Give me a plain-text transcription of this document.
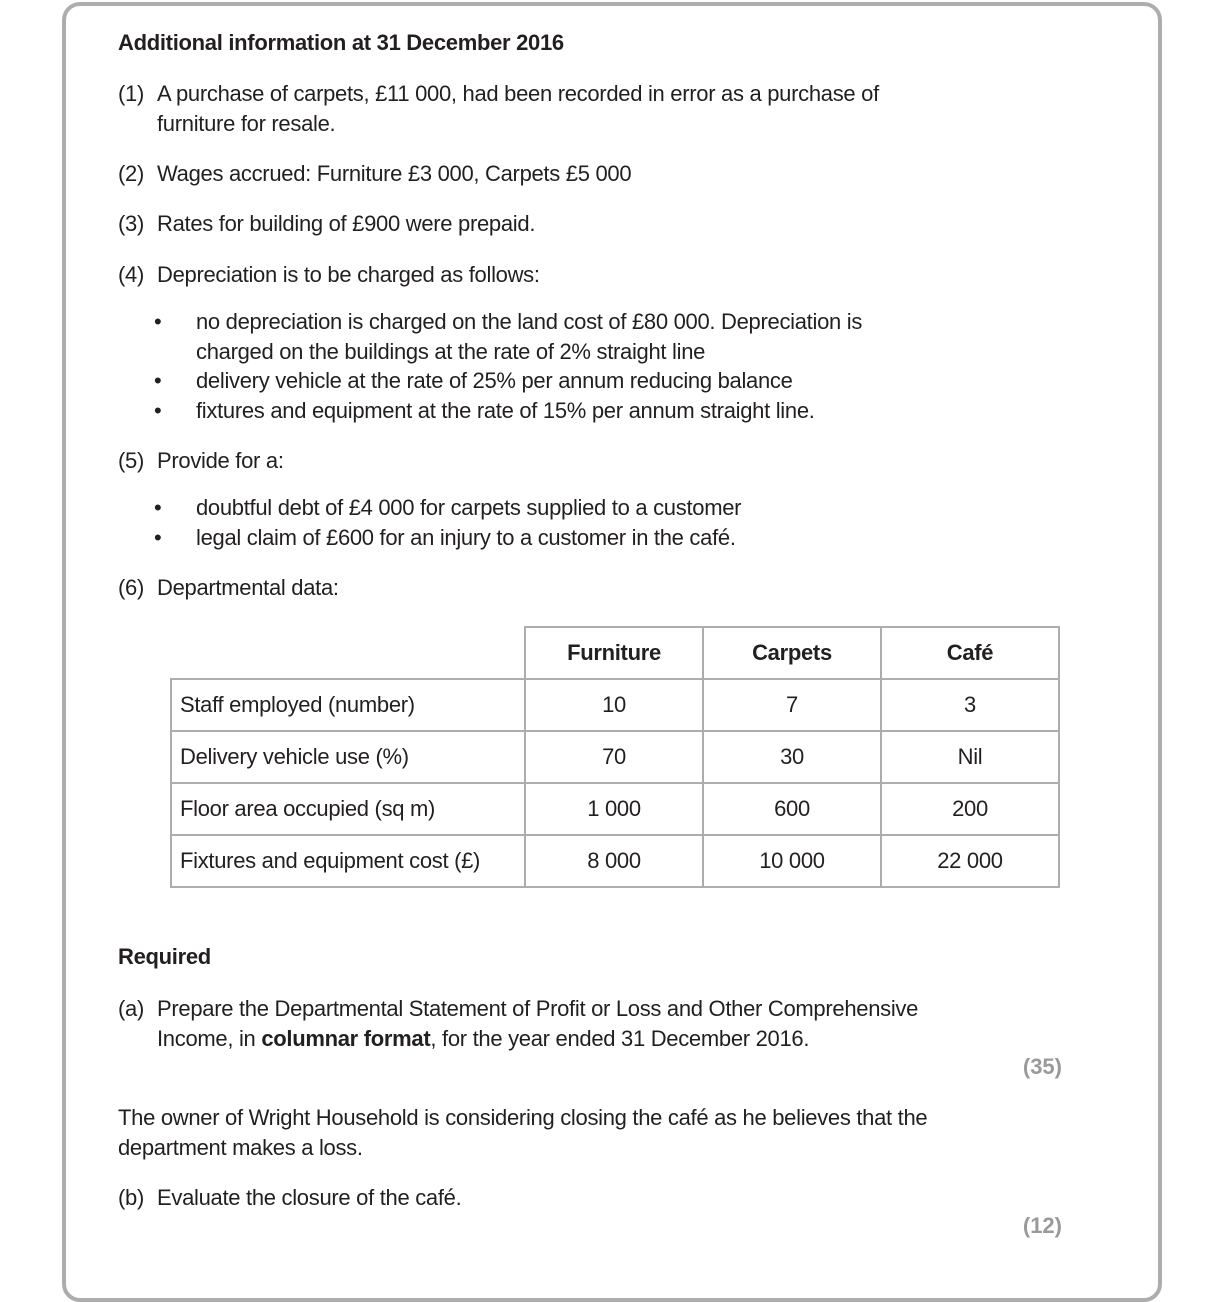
Additional information at 31 December 2016
(1) A purchase of carpets, £11 000, had been recorded in error as a purchase of
furniture for resale.
(2) Wages accrued: Furniture £3 000, Carpets £5 000
(3) Rates for building of £900 were prepaid.
(4) Depreciation is to be charged as follows:
• no depreciation is charged on the land cost of £80 000. Depreciation is
charged on the buildings at the rate of 2% straight line
• delivery vehicle at the rate of 25% per annum reducing balance
• fixtures and equipment at the rate of 15% per annum straight line.
(5) Provide for a:
• doubtful debt of £4 000 for carpets supplied to a customer
• legal claim of £600 for an injury to a customer in the café.
(6) Departmental data:
	Furniture	Carpets	Café
Staff employed (number)	10	7	3
Delivery vehicle use (%)	70	30	Nil
Floor area occupied (sq m)	1 000	600	200
Fixtures and equipment cost (£)	8 000	10 000	22 000
Required
(a) Prepare the Departmental Statement of Profit or Loss and Other Comprehensive
Income, in columnar format, for the year ended 31 December 2016.
(35)
The owner of Wright Household is considering closing the café as he believes that the
department makes a loss.
(b) Evaluate the closure of the café.
(12)
